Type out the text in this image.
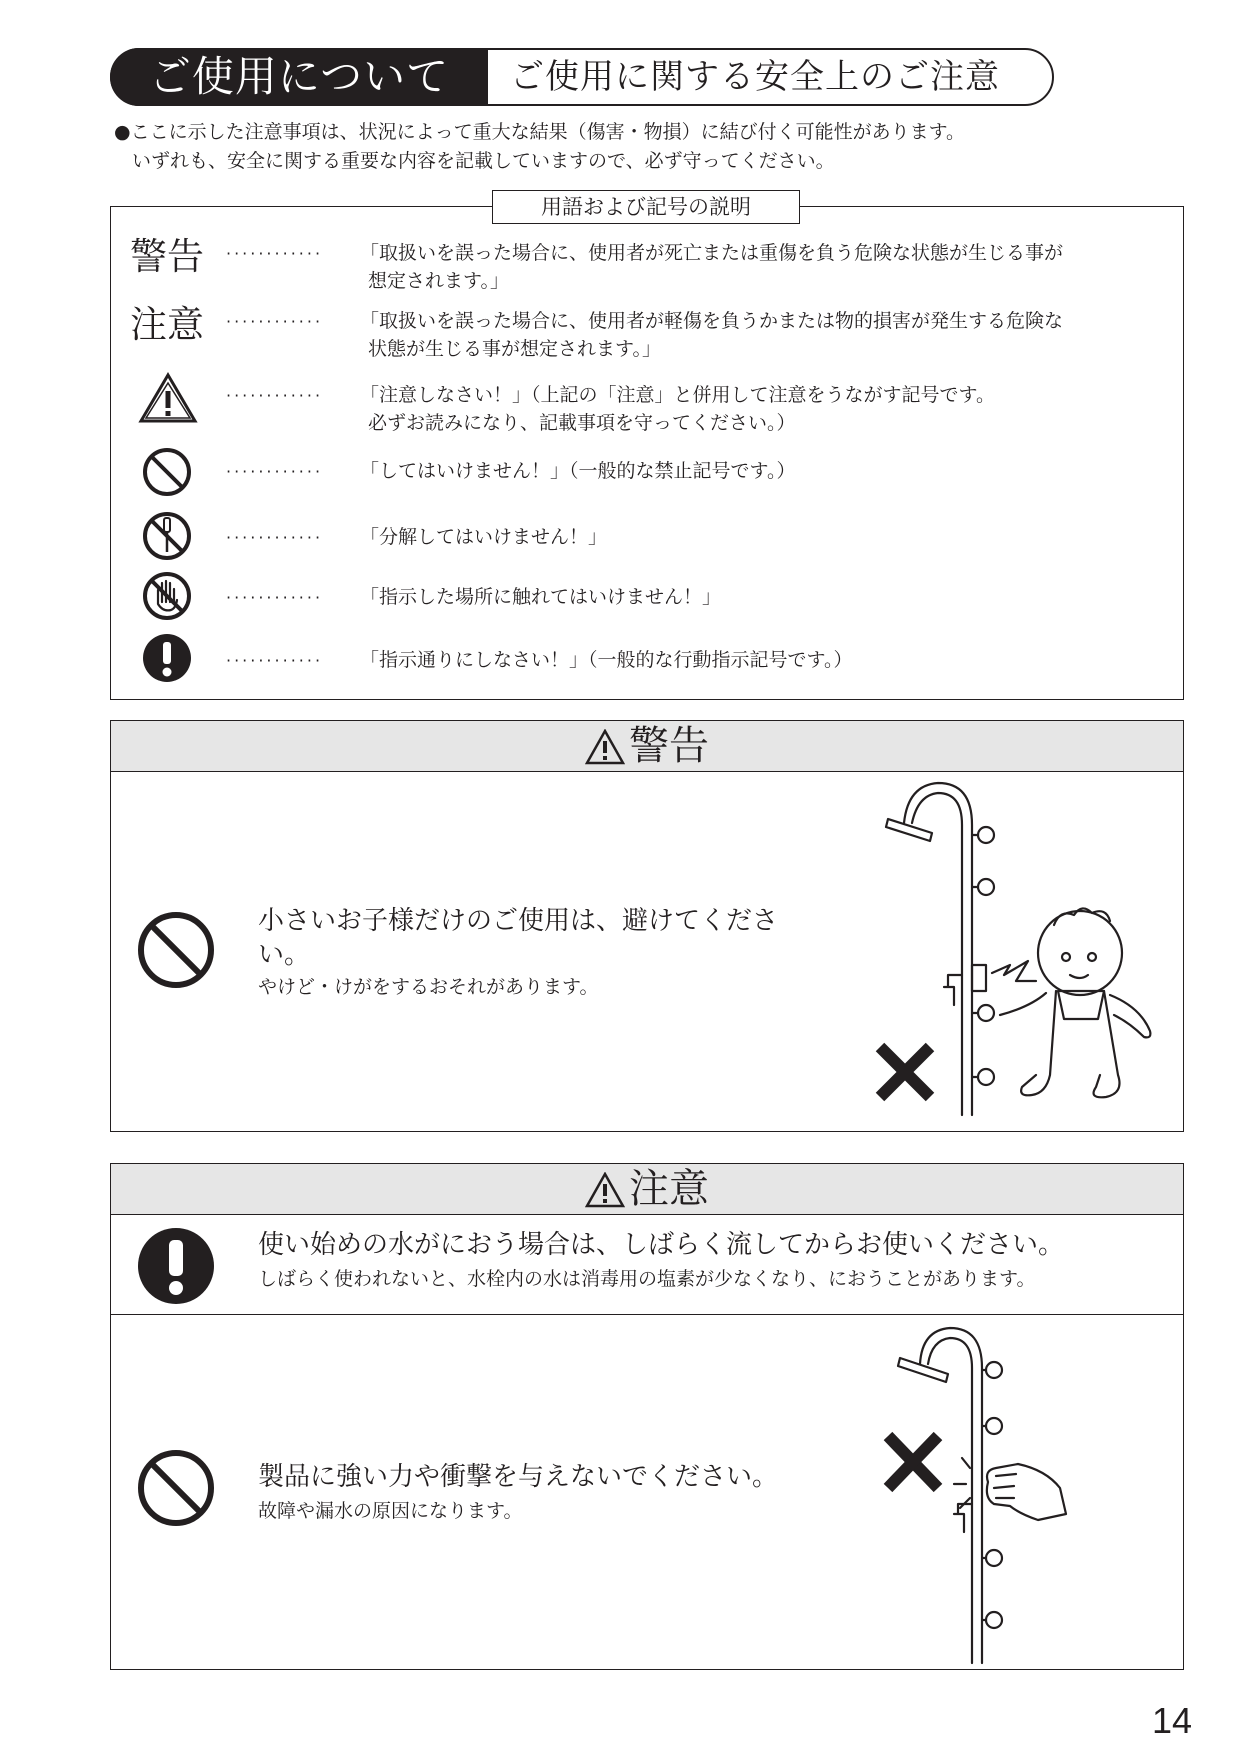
ご使用について	ご使用に関する安全上のご注意

●ここに示した注意事項は、状況によって重大な結果（傷害・物損）に結び付く可能性があります。

いずれも、安全に関する重要な内容を記載していますので、必ず守ってください。

用語および記号の説明
警告 ············ 「取扱いを誤った場合に、使用者が死亡または重傷を負う危険な状態が生じる事が

想定されます。」

注意 ············ 「取扱いを誤った場合に、使用者が軽傷を負うかまたは物的損害が発生する危険な

状態が生じる事が想定されます。」

············ 「注意しなさい！」（上記の「注意」と併用して注意をうながす記号です。

必ずお読みになり、記載事項を守ってください。）

············ 「してはいけません！」（一般的な禁止記号です。）
············ 「分解してはいけません！」
············ 「指示した場所に触れてはいけません！」
············ 「指示通りにしなさい！」（一般的な行動指示記号です。）
警告
小さいお子様だけのご使用は、避けてくださ
い。
やけど・けがをするおそれがあります。
注意
使い始めの水がにおう場合は、しばらく流してからお使いください。
しばらく使われないと、水栓内の水は消毒用の塩素が少なくなり、におうことがあります。
製品に強い力や衝撃を与えないでください。
故障や漏水の原因になります。
14
